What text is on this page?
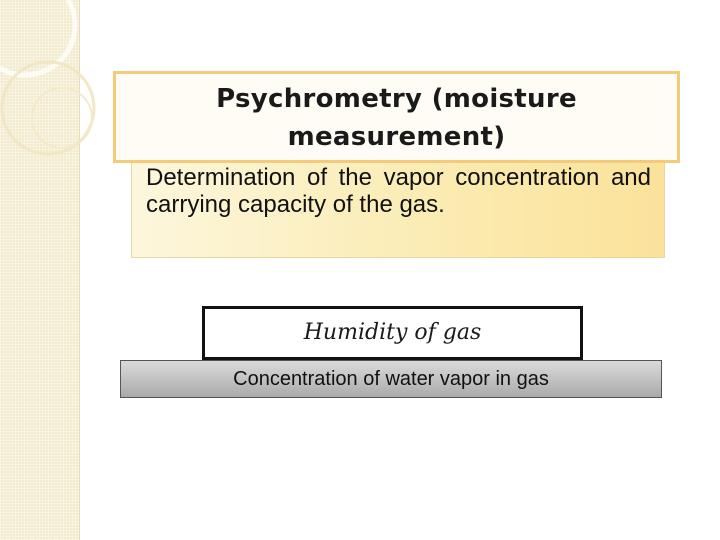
Determination of the vapor concentration and carrying capacity of the gas.

Psychrometry (moisture measurement)
Humidity of gas
Concentration of water vapor in gas
